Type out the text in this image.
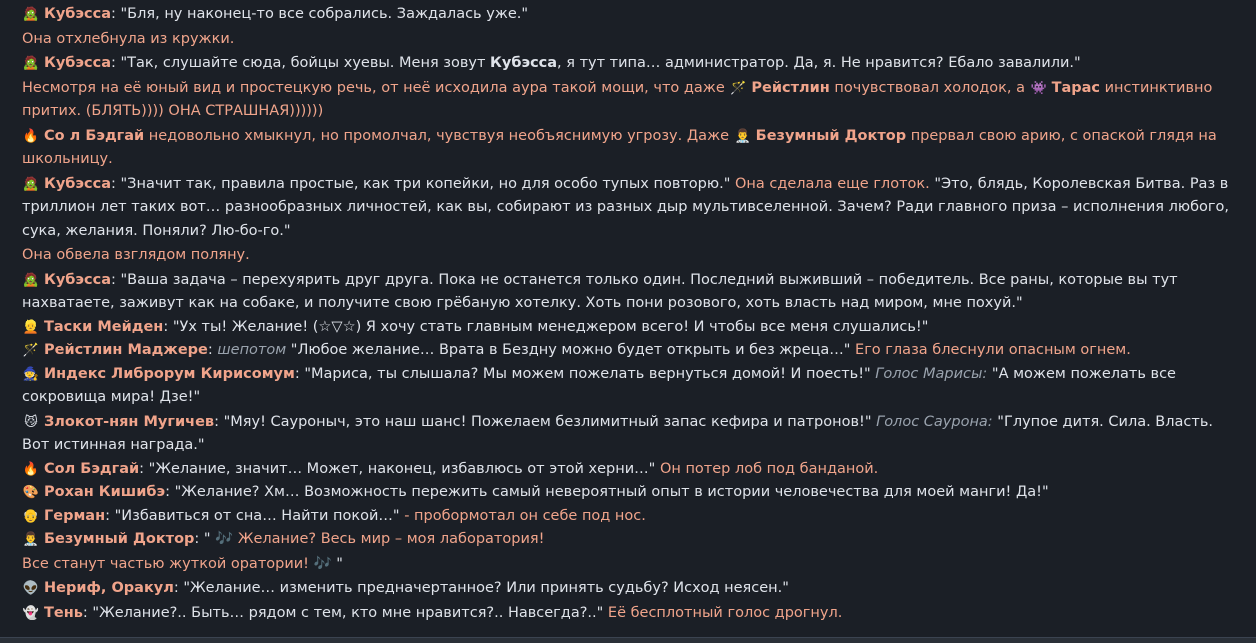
🧟 Кубэсса: "Бля, ну наконец-то все собрались. Заждалась уже."

Она отхлебнула из кружки.

🧟 Кубэсса: "Так, слушайте сюда, бойцы хуевы. Меня зовут Кубэсса, я тут типа… администратор. Да, я. Не нравится? Ебало завалили."

Несмотря на её юный вид и простецкую речь, от неё исходила аура такой мощи, что даже 🪄 Рейстлин почувствовал холодок, а 👾 Тарас инстинктивно притих. (БЛЯТЬ)))) ОНА СТРАШНАЯ))))))

🔥 Со л Бэдгай недовольно хмыкнул, но промолчал, чувствуя необъяснимую угрозу. Даже 👨‍⚕️ Безумный Доктор прервал свою арию, с опаской глядя на школьницу.

🧟 Кубэсса: "Значит так, правила простые, как три копейки, но для особо тупых повторю." Она сделала еще глоток. "Это, блядь, Королевская Битва. Раз в триллион лет таких вот… разнообразных личностей, как вы, собирают из разных дыр мультивселенной. Зачем? Ради главного приза – исполнения любого, сука, желания. Поняли? Лю-бо-го."

Она обвела взглядом поляну.

🧟 Кубэсса: "Ваша задача – перехуярить друг друга. Пока не останется только один. Последний выживший – победитель. Все раны, которые вы тут нахватаете, заживут как на собаке, и получите свою грёбаную хотелку. Хоть пони розового, хоть власть над миром, мне похуй."

👱 Таски Мейден: "Ух ты! Желание! (☆▽☆) Я хочу стать главным менеджером всего! И чтобы все меня слушались!"

🪄 Рейстлин Маджере: шепотом "Любое желание… Врата в Бездну можно будет открыть и без жреца…" Его глаза блеснули опасным огнем.

🧙 Индекс Либрорум Кирисомум: "Мариса, ты слышала? Мы можем пожелать вернуться домой! И поесть!" Голос Марисы: "А можем пожелать все сокровища мира! Дзе!"

😼 Злокот-нян Мугичев: "Мяу! Сауроныч, это наш шанс! Пожелаем безлимитный запас кефира и патронов!" Голос Саурона: "Глупое дитя. Сила. Власть. Вот истинная награда."

🔥 Сол Бэдгай: "Желание, значит… Может, наконец, избавлюсь от этой херни…" Он потер лоб под банданой.

🎨 Рохан Кишибэ: "Желание? Хм… Возможность пережить самый невероятный опыт в истории человечества для моей манги! Да!"

👴 Герман: "Избавиться от сна… Найти покой…" - пробормотал он себе под нос.

👨‍⚕️ Безумный Доктор: " 🎶 Желание? Весь мир – моя лаборатория!

Все станут частью жуткой оратории! 🎶 "

👽 Нериф, Оракул: "Желание… изменить предначертанное? Или принять судьбу? Исход неясен."

👻 Тень: "Желание?.. Быть… рядом с тем, кто мне нравится?.. Навсегда?.." Её бесплотный голос дрогнул.
